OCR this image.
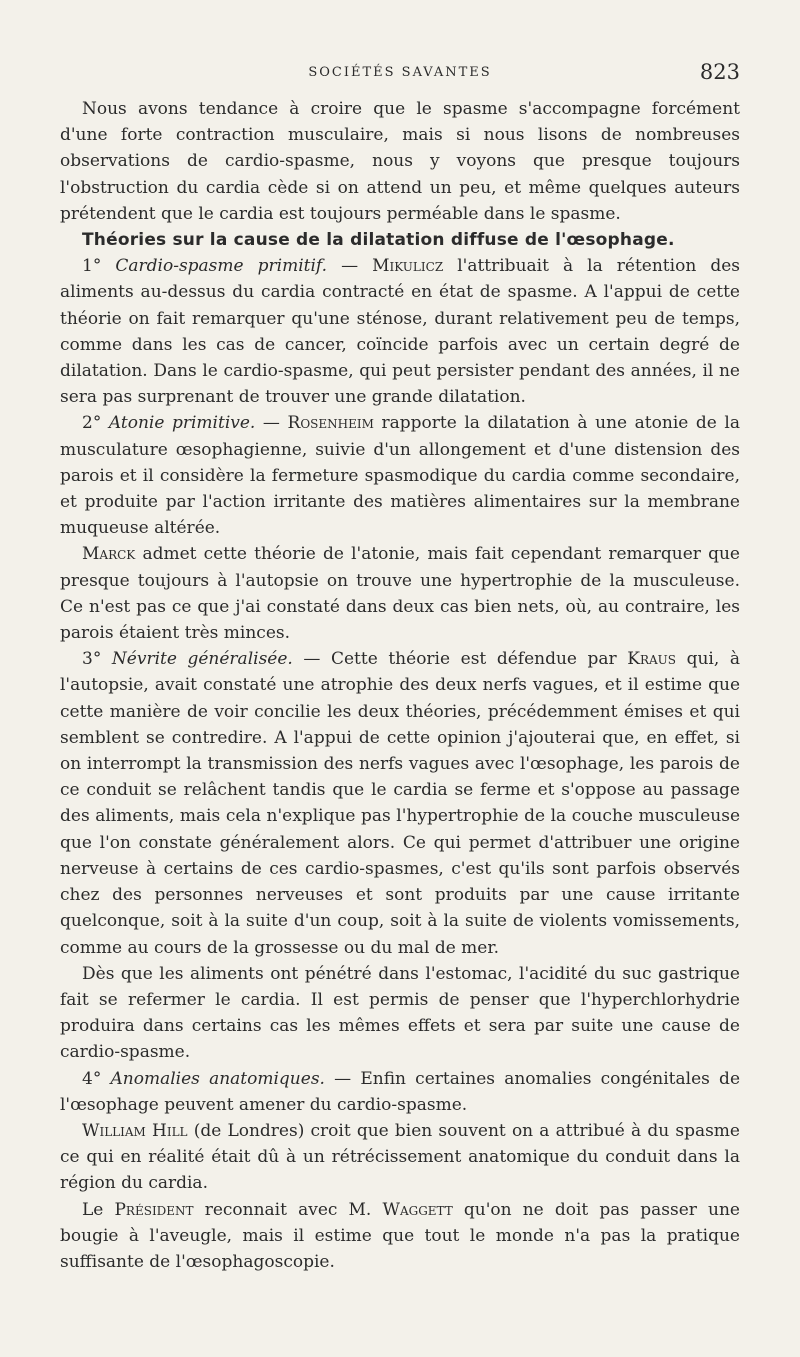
SOCIÉTÉS SAVANTES	823

Nous avons tendance à croire que le spasme s'accompagne forcément d'une forte contraction musculaire, mais si nous lisons de nombreuses observations de cardio-spasme, nous y voyons que presque toujours l'obstruction du cardia cède si on attend un peu, et même quelques auteurs prétendent que le cardia est toujours perméable dans le spasme.

Théories sur la cause de la dilatation diffuse de l'œsophage.

1° Cardio-spasme primitif. — Mikulicz l'attribuait à la rétention des aliments au-dessus du cardia contracté en état de spasme. A l'appui de cette théorie on fait remarquer qu'une sténose, durant relativement peu de temps, comme dans les cas de cancer, coïncide parfois avec un certain degré de dilatation. Dans le cardio-spasme, qui peut persister pendant des années, il ne sera pas surprenant de trouver une grande dilatation.

2° Atonie primitive. — Rosenheim rapporte la dilatation à une atonie de la musculature œsophagienne, suivie d'un allongement et d'une distension des parois et il considère la fermeture spasmodique du cardia comme secondaire, et produite par l'action irritante des matières alimentaires sur la membrane muqueuse altérée.

Marck admet cette théorie de l'atonie, mais fait cependant remarquer que presque toujours à l'autopsie on trouve une hypertrophie de la musculeuse. Ce n'est pas ce que j'ai constaté dans deux cas bien nets, où, au contraire, les parois étaient très minces.

3° Névrite généralisée. — Cette théorie est défendue par Kraus qui, à l'autopsie, avait constaté une atrophie des deux nerfs vagues, et il estime que cette manière de voir concilie les deux théories, précédemment émises et qui semblent se contredire. A l'appui de cette opinion j'ajouterai que, en effet, si on interrompt la transmission des nerfs vagues avec l'œsophage, les parois de ce conduit se relâchent tandis que le cardia se ferme et s'oppose au passage des aliments, mais cela n'explique pas l'hypertrophie de la couche musculeuse que l'on constate généralement alors. Ce qui permet d'attribuer une origine nerveuse à certains de ces cardio-spasmes, c'est qu'ils sont parfois observés chez des personnes nerveuses et sont produits par une cause irritante quelconque, soit à la suite d'un coup, soit à la suite de violents vomissements, comme au cours de la grossesse ou du mal de mer.

Dès que les aliments ont pénétré dans l'estomac, l'acidité du suc gastrique fait se refermer le cardia. Il est permis de penser que l'hyperchlorhydrie produira dans certains cas les mêmes effets et sera par suite une cause de cardio-spasme.

4° Anomalies anatomiques. — Enfin certaines anomalies congénitales de l'œsophage peuvent amener du cardio-spasme.

William Hill (de Londres) croit que bien souvent on a attribué à du spasme ce qui en réalité était dû à un rétrécissement anatomique du conduit dans la région du cardia.

Le Président reconnait avec M. Waggett qu'on ne doit pas passer une bougie à l'aveugle, mais il estime que tout le monde n'a pas la pratique suffisante de l'œsophagoscopie.
